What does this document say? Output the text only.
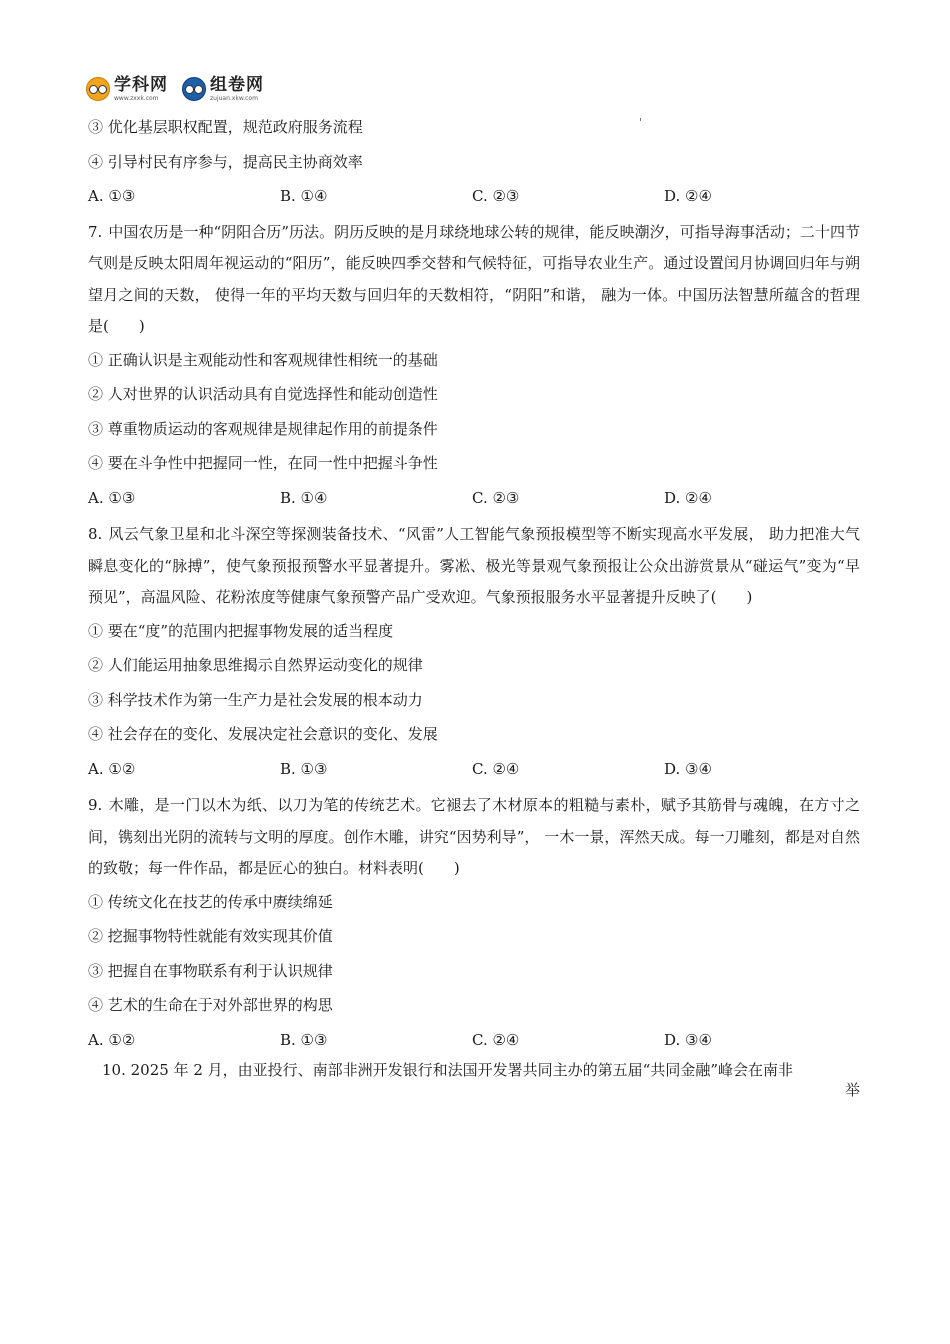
学科网
www.zxxk.com
组卷网
zujuan.xkw.com
③ 优化基层职权配置，规范政府服务流程
④ 引导村民有序参与，提高民主协商效率
A. ①③	B. ①④	C. ②③	D. ②④

7. 中国农历是一种“阴阳合历”历法。阴历反映的是月球绕地球公转的规律，能反映潮汐，可指导海事活动；二十四节气则是反映太阳周年视运动的“阳历”，能反映四季交替和气候特征，可指导农业生产。通过设置闰月协调回归年与朔望月之间的天数， 使得一年的平均天数与回归年的天数相符，“阴阳”和谐， 融为一体。中国历法智慧所蕴含的哲理是(　　)

① 正确认识是主观能动性和客观规律性相统一的基础
② 人对世界的认识活动具有自觉选择性和能动创造性
③ 尊重物质运动的客观规律是规律起作用的前提条件
④ 要在斗争性中把握同一性，在同一性中把握斗争性
A. ①③	B. ①④	C. ②③	D. ②④

8. 风云气象卫星和北斗深空等探测装备技术、“风雷”人工智能气象预报模型等不断实现高水平发展， 助力把准大气瞬息变化的“脉搏”，使气象预报预警水平显著提升。雾凇、极光等景观气象预报让公众出游赏景从“碰运气”变为“早预见”，高温风险、花粉浓度等健康气象预警产品广受欢迎。气象预报服务水平显著提升反映了(　　)

① 要在“度”的范围内把握事物发展的适当程度
② 人们能运用抽象思维揭示自然界运动变化的规律
③ 科学技术作为第一生产力是社会发展的根本动力
④ 社会存在的变化、发展决定社会意识的变化、发展
A. ①②	B. ①③	C. ②④	D. ③④

9. 木雕，是一门以木为纸、以刀为笔的传统艺术。它褪去了木材原本的粗糙与素朴，赋予其筋骨与魂魄，在方寸之间，镌刻出光阴的流转与文明的厚度。创作木雕，讲究“因势利导”， 一木一景，浑然天成。每一刀雕刻，都是对自然的致敬；每一件作品，都是匠心的独白。材料表明(　　)

① 传统文化在技艺的传承中赓续绵延
② 挖掘事物特性就能有效实现其价值
③ 把握自在事物联系有利于认识规律
④ 艺术的生命在于对外部世界的构思
A. ①②	B. ①③	C. ②④	D. ③④
10. 2025 年 2 月，由亚投行、南部非洲开发银行和法国开发署共同主办的第五届“共同金融”峰会在南非
举
